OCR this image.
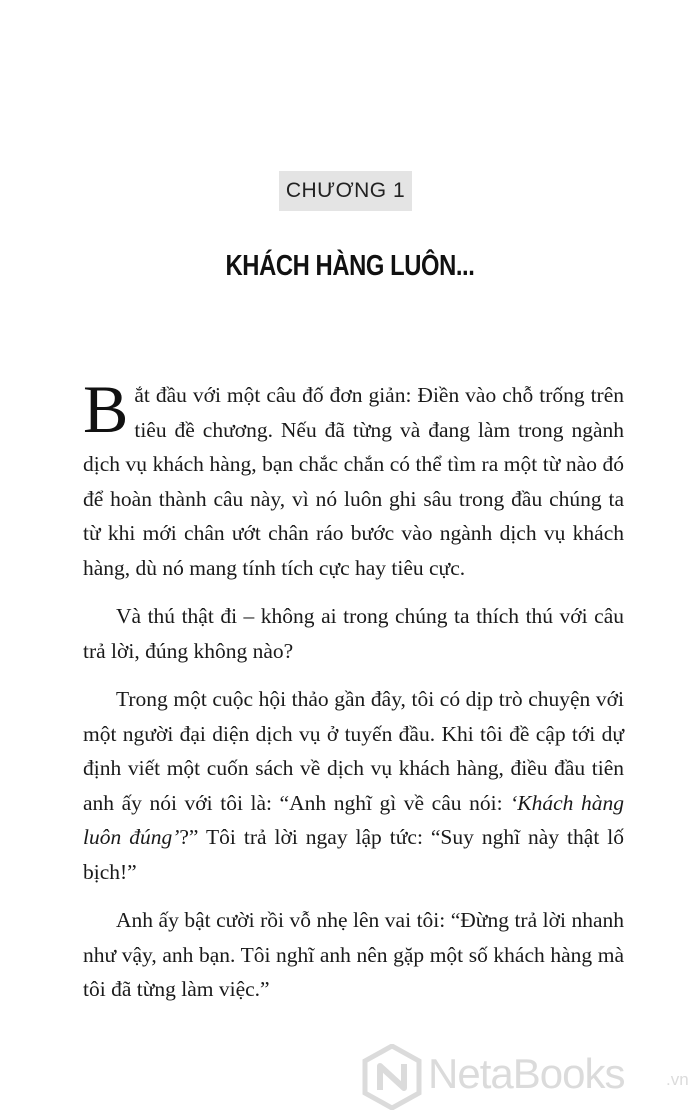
CHƯƠNG 1
KHÁCH HÀNG LUÔN...

Bắt đầu với một câu đố đơn giản: Điền vào chỗ trống trên tiêu đề chương. Nếu đã từng và đang làm trong ngành dịch vụ khách hàng, bạn chắc chắn có thể tìm ra một từ nào đó để hoàn thành câu này, vì nó luôn ghi sâu trong đầu chúng ta từ khi mới chân ướt chân ráo bước vào ngành dịch vụ khách hàng, dù nó mang tính tích cực hay tiêu cực.

Và thú thật đi – không ai trong chúng ta thích thú với câu trả lời, đúng không nào?

Trong một cuộc hội thảo gần đây, tôi có dịp trò chuyện với một người đại diện dịch vụ ở tuyến đầu. Khi tôi đề cập tới dự định viết một cuốn sách về dịch vụ khách hàng, điều đầu tiên anh ấy nói với tôi là: “Anh nghĩ gì về câu nói: ‘Khách hàng luôn đúng’?” Tôi trả lời ngay lập tức: “Suy nghĩ này thật lố bịch!”

Anh ấy bật cười rồi vỗ nhẹ lên vai tôi: “Đừng trả lời nhanh như vậy, anh bạn. Tôi nghĩ anh nên gặp một số khách hàng mà tôi đã từng làm việc.”

NetaBooks .vn
